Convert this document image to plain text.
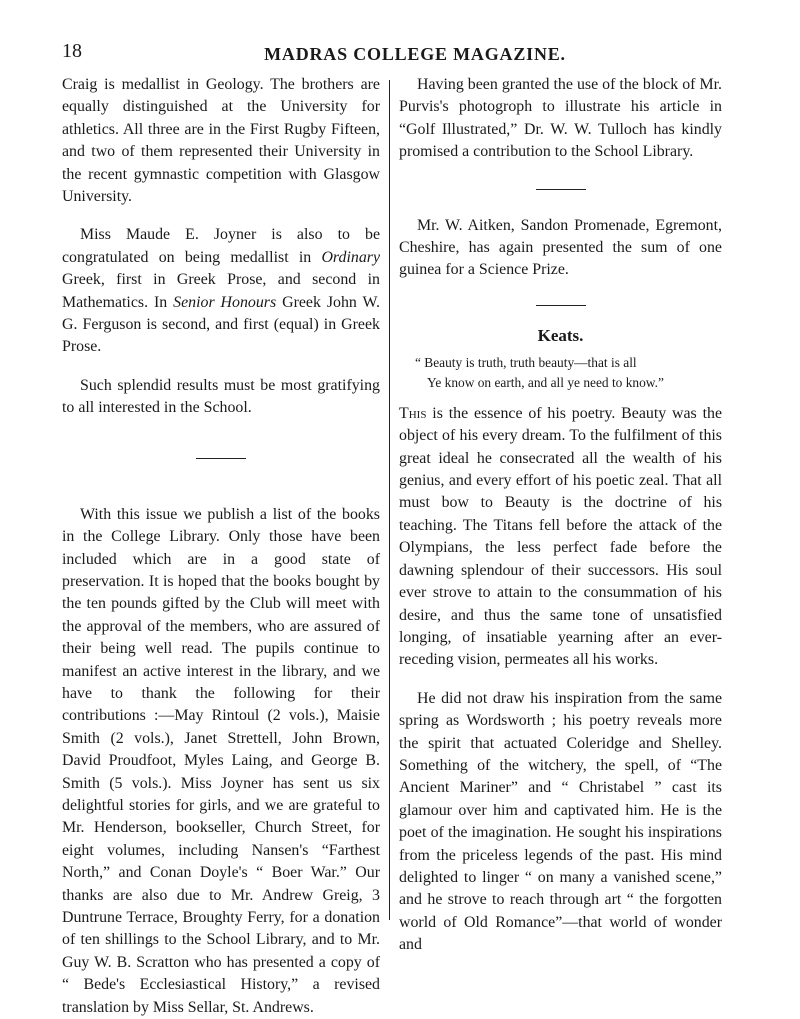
18	MADRAS COLLEGE MAGAZINE.

Craig is medallist in Geology. The brothers are equally distinguished at the University for athletics. All three are in the First Rugby Fifteen, and two of them represented their University in the recent gymnastic competition with Glasgow University.

Miss Maude E. Joyner is also to be congratulated on being medallist in Ordinary Greek, first in Greek Prose, and second in Mathematics. In Senior Honours Greek John W. G. Ferguson is second, and first (equal) in Greek Prose.

Such splendid results must be most gratifying to all interested in the School.

With this issue we publish a list of the books in the College Library. Only those have been included which are in a good state of preservation. It is hoped that the books bought by the ten pounds gifted by the Club will meet with the approval of the members, who are assured of their being well read. The pupils continue to manifest an active interest in the library, and we have to thank the following for their contributions :—May Rintoul (2 vols.), Maisie Smith (2 vols.), Janet Strettell, John Brown, David Proudfoot, Myles Laing, and George B. Smith (5 vols.). Miss Joyner has sent us six delightful stories for girls, and we are grateful to Mr. Henderson, bookseller, Church Street, for eight volumes, including Nansen's “Farthest North,” and Conan Doyle's “ Boer War.” Our thanks are also due to Mr. Andrew Greig, 3 Duntrune Terrace, Broughty Ferry, for a donation of ten shillings to the School Library, and to Mr. Guy W. B. Scratton who has presented a copy of “ Bede's Ecclesiastical History,” a revised translation by Miss Sellar, St. Andrews.

Having been granted the use of the block of Mr. Purvis's photogroph to illustrate his article in “Golf Illustrated,” Dr. W. W. Tulloch has kindly promised a contribution to the School Library.

Mr. W. Aitken, Sandon Promenade, Egremont, Cheshire, has again presented the sum of one guinea for a Science Prize.

Keats.
“ Beauty is truth, truth beauty—that is all
Ye know on earth, and all ye need to know.”

This is the essence of his poetry. Beauty was the object of his every dream. To the fulfilment of this great ideal he consecrated all the wealth of his genius, and every effort of his poetic zeal. That all must bow to Beauty is the doctrine of his teaching. The Titans fell before the attack of the Olympians, the less perfect fade before the dawning splendour of their successors. His soul ever strove to attain to the consummation of his desire, and thus the same tone of unsatisfied longing, of insatiable yearning after an ever-receding vision, permeates all his works.

He did not draw his inspiration from the same spring as Wordsworth ; his poetry reveals more the spirit that actuated Coleridge and Shelley. Something of the witchery, the spell, of “The Ancient Mariner” and “ Christabel ” cast its glamour over him and captivated him. He is the poet of the imagination. He sought his inspirations from the priceless legends of the past. His mind delighted to linger “ on many a vanished scene,” and he strove to reach through art “ the forgotten world of Old Romance”—that world of wonder and
